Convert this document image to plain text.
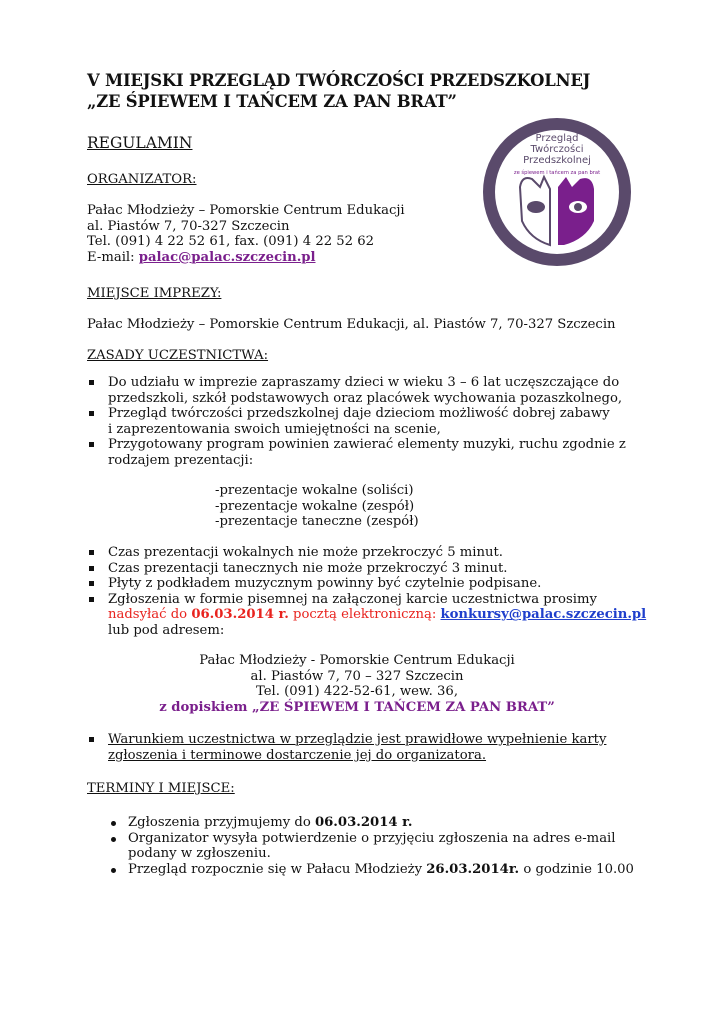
V MIEJSKI PRZEGLĄD TWÓRCZOŚCI PRZEDSZKOLNEJ
„ZE ŚPIEWEM I TAŃCEM ZA PAN BRAT”
REGULAMIN
ORGANIZATOR:
Pałac Młodzieży – Pomorskie Centrum Edukacji
al. Piastów 7, 70-327 Szczecin
Tel. (091) 4 22 52 61, fax. (091) 4 22 52 62
E-mail: palac@palac.szczecin.pl
Przegląd
Twórczości
Przedszkolnej
ze śpiewem i tańcem za pan brat
MIEJSCE IMPREZY:
Pałac Młodzieży – Pomorskie Centrum Edukacji, al. Piastów 7, 70-327 Szczecin
ZASADY UCZESTNICTWA:
Do udziału w imprezie zapraszamy dzieci w wieku 3 – 6 lat uczęszczające do
przedszkoli, szkół podstawowych oraz placówek wychowania pozaszkolnego,
Przegląd twórczości przedszkolnej daje dzieciom możliwość dobrej zabawy
i zaprezentowania swoich umiejętności na scenie,
Przygotowany program powinien zawierać elementy muzyki, ruchu zgodnie z
rodzajem prezentacji:
-prezentacje wokalne (soliści)
-prezentacje wokalne (zespół)
-prezentacje taneczne (zespół)
Czas prezentacji wokalnych nie może przekroczyć 5 minut.
Czas prezentacji tanecznych nie może przekroczyć 3 minut.
Płyty z podkładem muzycznym powinny być czytelnie podpisane.
Zgłoszenia w formie pisemnej na załączonej karcie uczestnictwa prosimy
nadsyłać do 06.03.2014 r. pocztą elektroniczną: konkursy@palac.szczecin.pl
lub pod adresem:
Pałac Młodzieży - Pomorskie Centrum Edukacji
al. Piastów 7, 70 – 327 Szczecin
Tel. (091) 422-52-61, wew. 36,
z dopiskiem „ZE ŚPIEWEM I TAŃCEM ZA PAN BRAT”
Warunkiem uczestnictwa w przeglądzie jest prawidłowe wypełnienie karty
zgłoszenia i terminowe dostarczenie jej do organizatora.
TERMINY I MIEJSCE:
Zgłoszenia przyjmujemy do 06.03.2014 r.
Organizator wysyła potwierdzenie o przyjęciu zgłoszenia na adres e-mail
podany w zgłoszeniu.
Przegląd rozpocznie się w Pałacu Młodzieży 26.03.2014r. o godzinie 10.00
